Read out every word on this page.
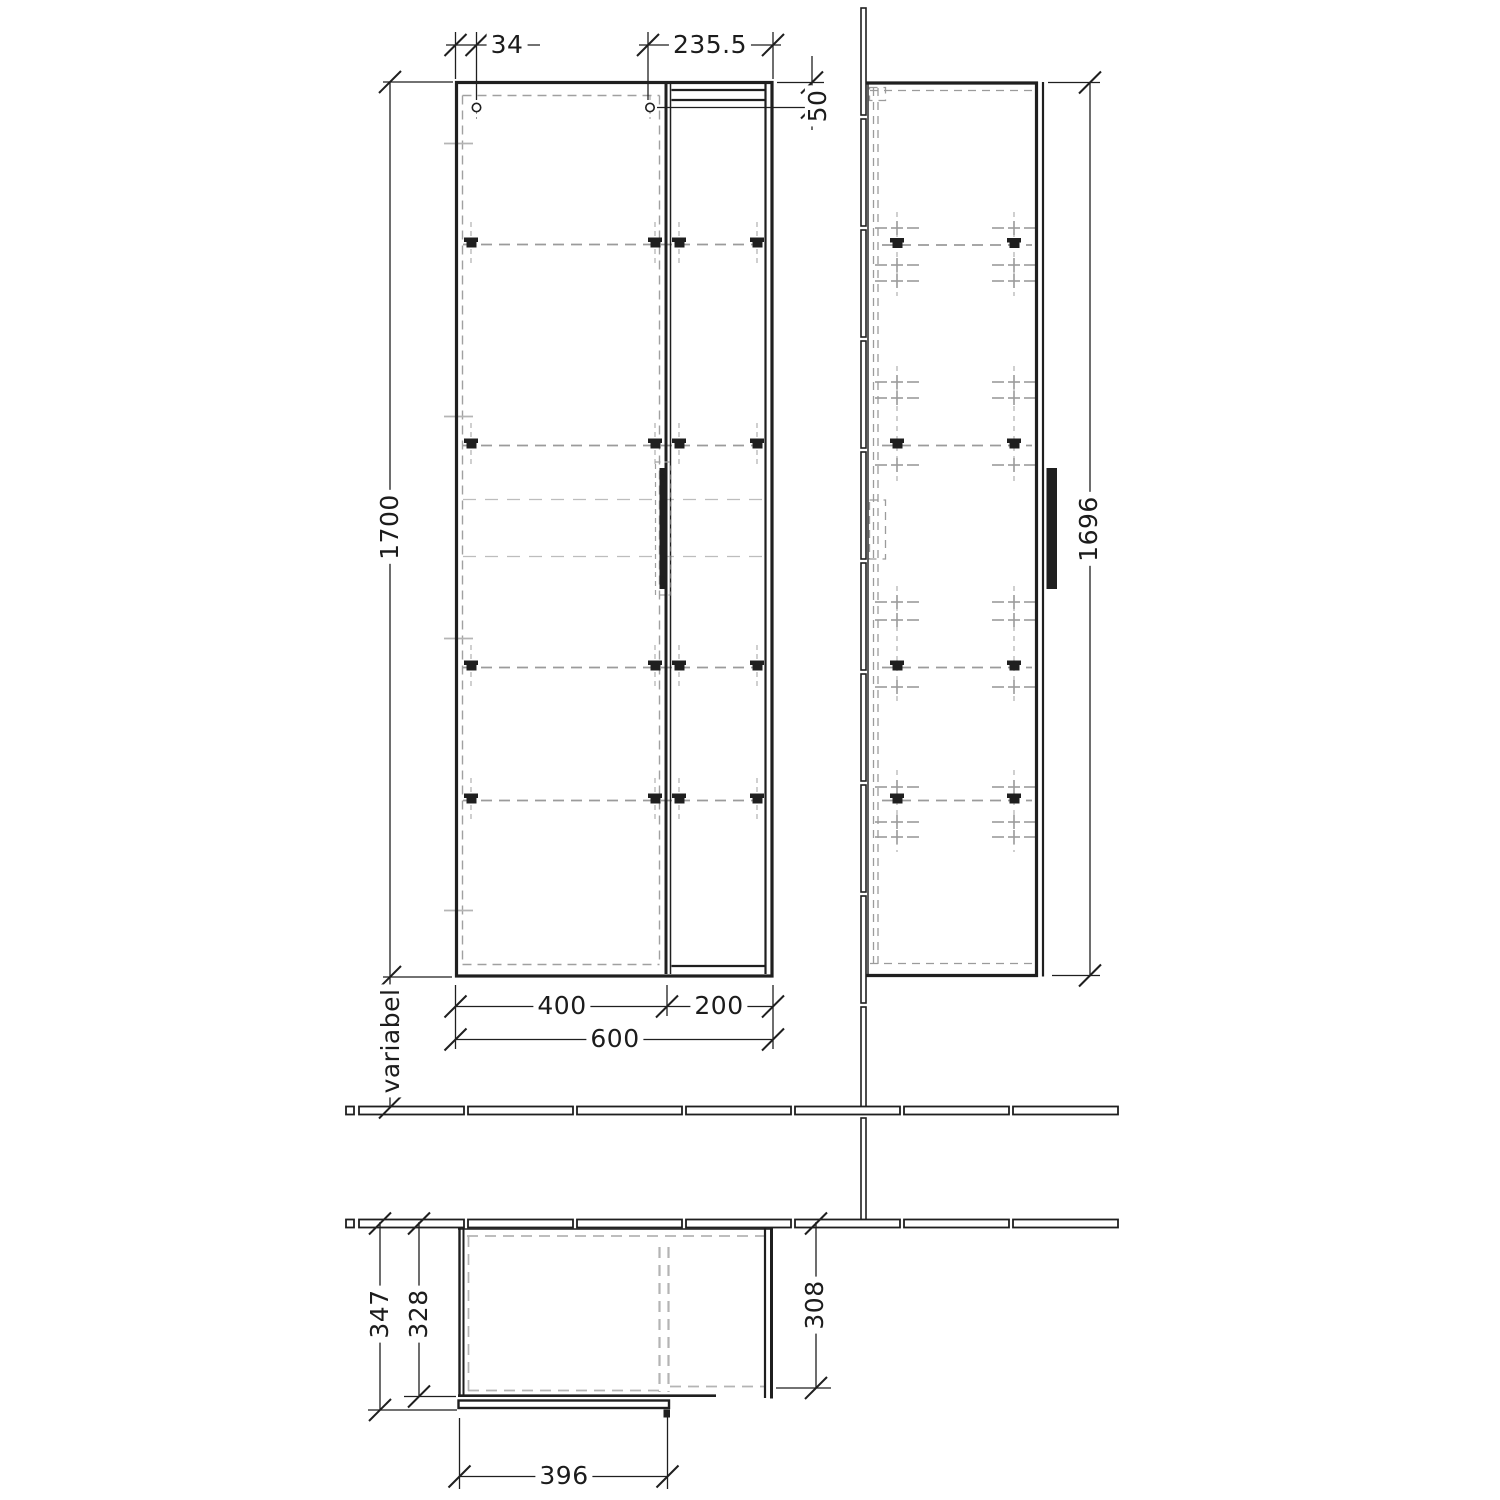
34	235.5
50
1700
variabel	400	200
600
1696
347 328	308
396
